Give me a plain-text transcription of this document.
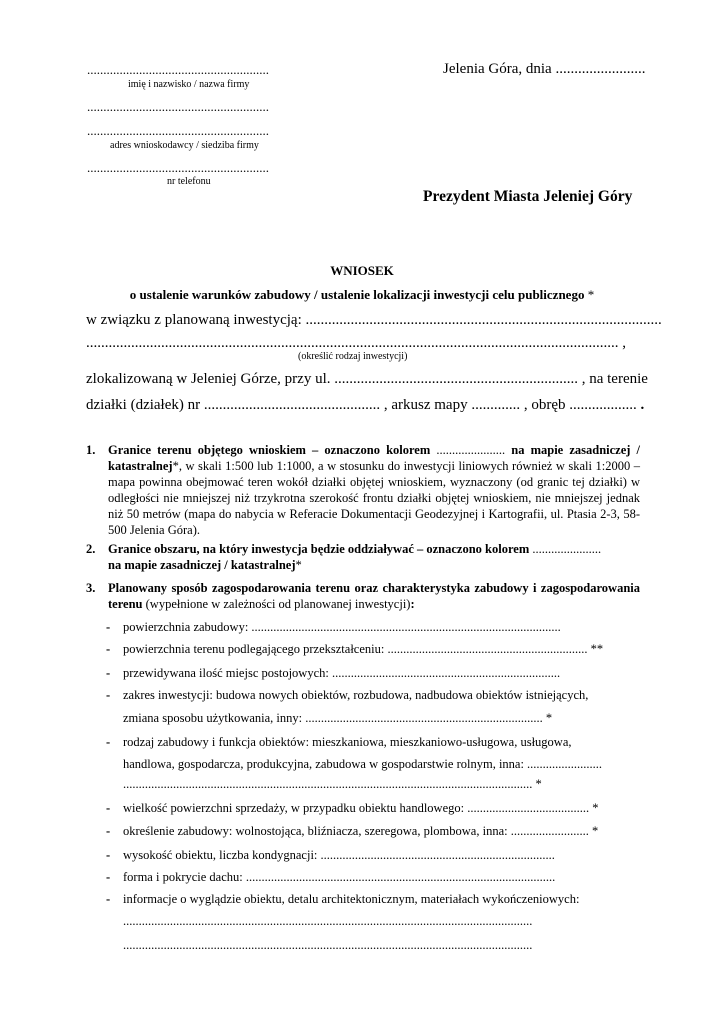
........................................................
imię i nazwisko / nazwa firmy
........................................................
........................................................
adres wnioskodawcy / siedziba firmy
........................................................
nr telefonu
Jelenia Góra, dnia ........................
Prezydent Miasta Jeleniej Góry
WNIOSEK
o ustalenie warunków zabudowy / ustalenie lokalizacji inwestycji celu publicznego *
w związku z planowaną inwestycją: ...............................................................................................
.............................................................................................................................................. ,
(określić rodzaj inwestycji)
zlokalizowaną w Jeleniej Górze, przy ul. ................................................................. , na terenie
działki (działek) nr ............................................... , arkusz mapy ............. , obręb .................. .
1. Granice terenu objętego wnioskiem – oznaczono kolorem ...................... na mapie zasadniczej / katastralnej*, w skali 1:500 lub 1:1000, a w stosunku do inwestycji liniowych również w skali 1:2000 – mapa powinna obejmować teren wokół działki objętej wnioskiem, wyznaczony (od granic tej działki) w odległości nie mniejszej niż trzykrotna szerokość frontu działki objętej wnioskiem, nie mniejszej jednak niż 50 metrów (mapa do nabycia w Referacie Dokumentacji Geodezyjnej i Kartografii, ul. Ptasia 2-3, 58-500 Jelenia Góra).
2. Granice obszaru, na który inwestycja będzie oddziaływać – oznaczono kolorem ......................
na mapie zasadniczej / katastralnej*
3. Planowany sposób zagospodarowania terenu oraz charakterystyka zabudowy i zagospodarowania terenu (wypełnione w zależności od planowanej inwestycji):
- powierzchnia zabudowy: ...................................................................................................
- powierzchnia terenu podlegającego przekształceniu: ................................................................ **
- przewidywana ilość miejsc postojowych: .........................................................................
- zakres inwestycji: budowa nowych obiektów, rozbudowa, nadbudowa obiektów istniejących,
zmiana sposobu użytkowania, inny: ............................................................................ *
- rodzaj zabudowy i funkcja obiektów: mieszkaniowa, mieszkaniowo-usługowa, usługowa,
handlowa, gospodarcza, produkcyjna, zabudowa w gospodarstwie rolnym, inna: ........................
................................................................................................................................... *
- wielkość powierzchni sprzedaży, w przypadku obiektu handlowego: ....................................... *
- określenie zabudowy: wolnostojąca, bliźniacza, szeregowa, plombowa, inna: ......................... *
- wysokość obiektu, liczba kondygnacji: ...........................................................................
- forma i pokrycie dachu: ...................................................................................................
- informacje o wyglądzie obiektu, detalu architektonicznym, materiałach wykończeniowych:
...................................................................................................................................
...................................................................................................................................
